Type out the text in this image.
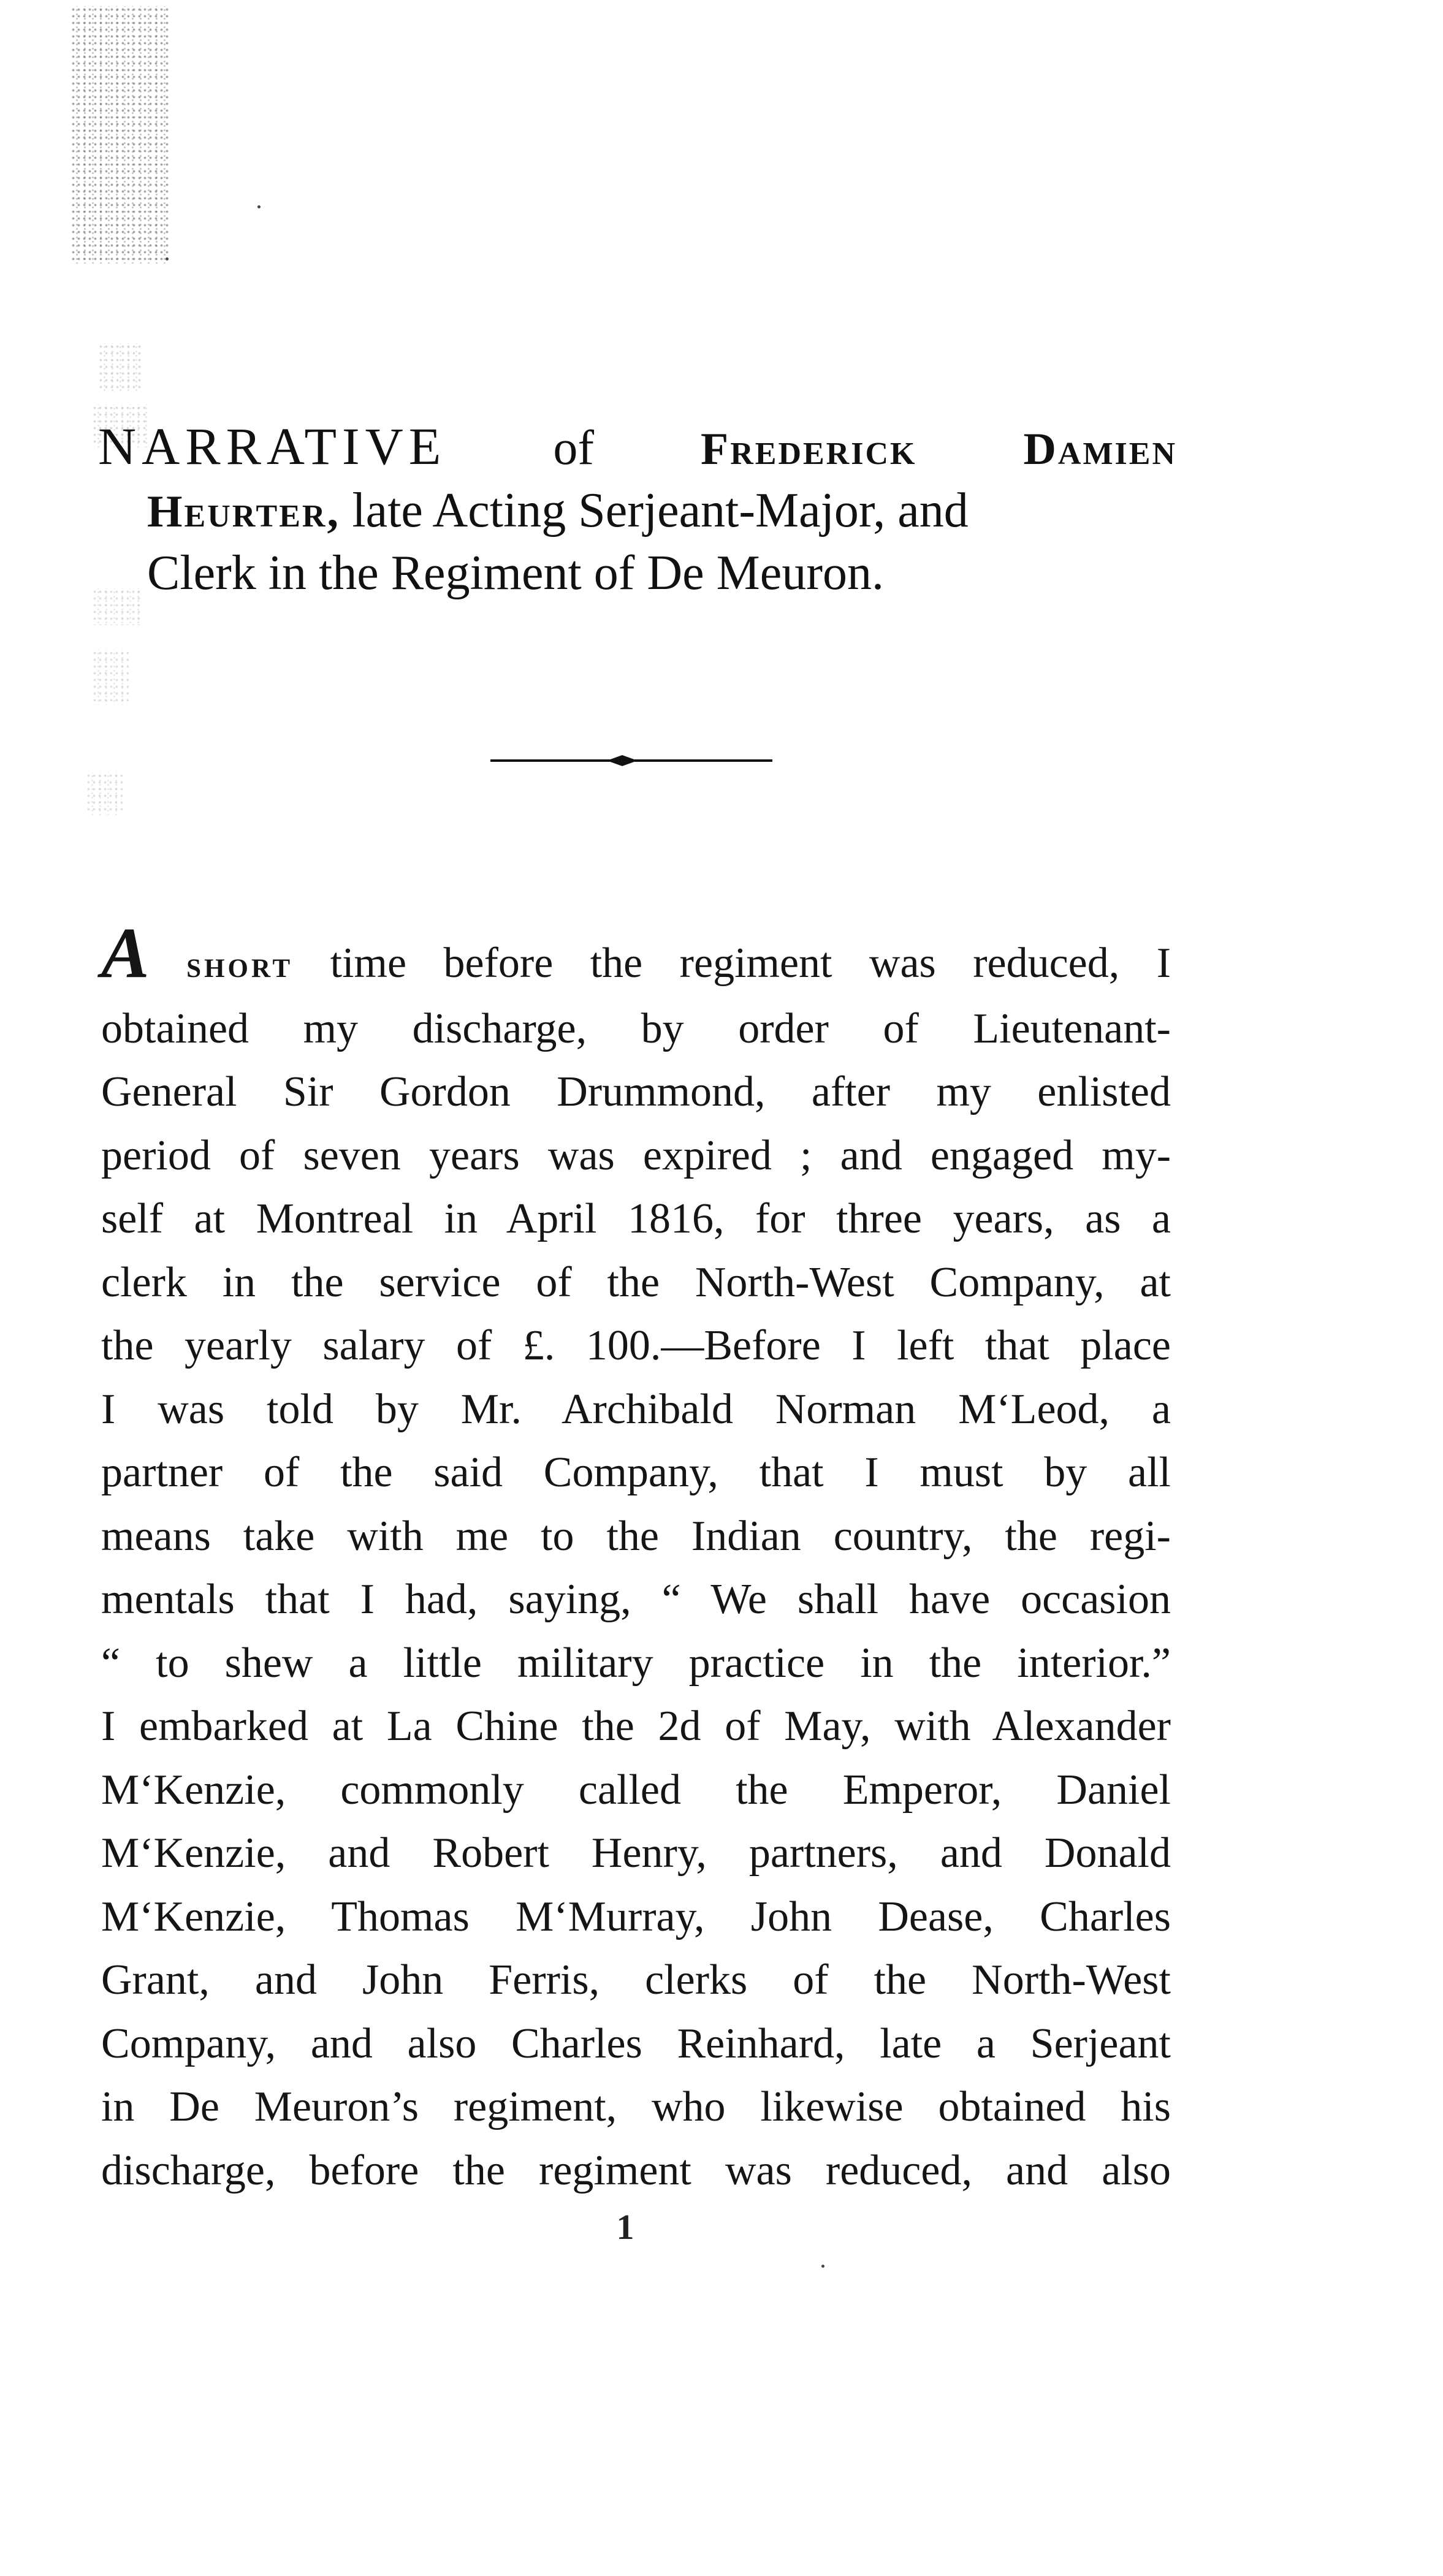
NARRATIVE of Frederick Damien
Heurter, late Acting Serjeant-Major, and
Clerk in the Regiment of De Meuron.
A short time before the regiment was reduced, I
obtained my discharge, by order of Lieutenant-
General Sir Gordon Drummond, after my enlisted
period of seven years was expired ; and engaged my-
self at Montreal in April 1816, for three years, as a
clerk in the service of the North-West Company, at
the yearly salary of £. 100.—Before I left that place
I was told by Mr. Archibald Norman M‘Leod, a
partner of the said Company, that I must by all
means take with me to the Indian country, the regi-
mentals that I had, saying, “ We shall have occasion
“ to shew a little military practice in the interior.”
I embarked at La Chine the 2d of May, with Alexander
M‘Kenzie, commonly called the Emperor, Daniel
M‘Kenzie, and Robert Henry, partners, and Donald
M‘Kenzie, Thomas M‘Murray, John Dease, Charles
Grant, and John Ferris, clerks of the North-West
Company, and also Charles Reinhard, late a Serjeant
in De Meuron’s regiment, who likewise obtained his
discharge, before the regiment was reduced, and also
1
